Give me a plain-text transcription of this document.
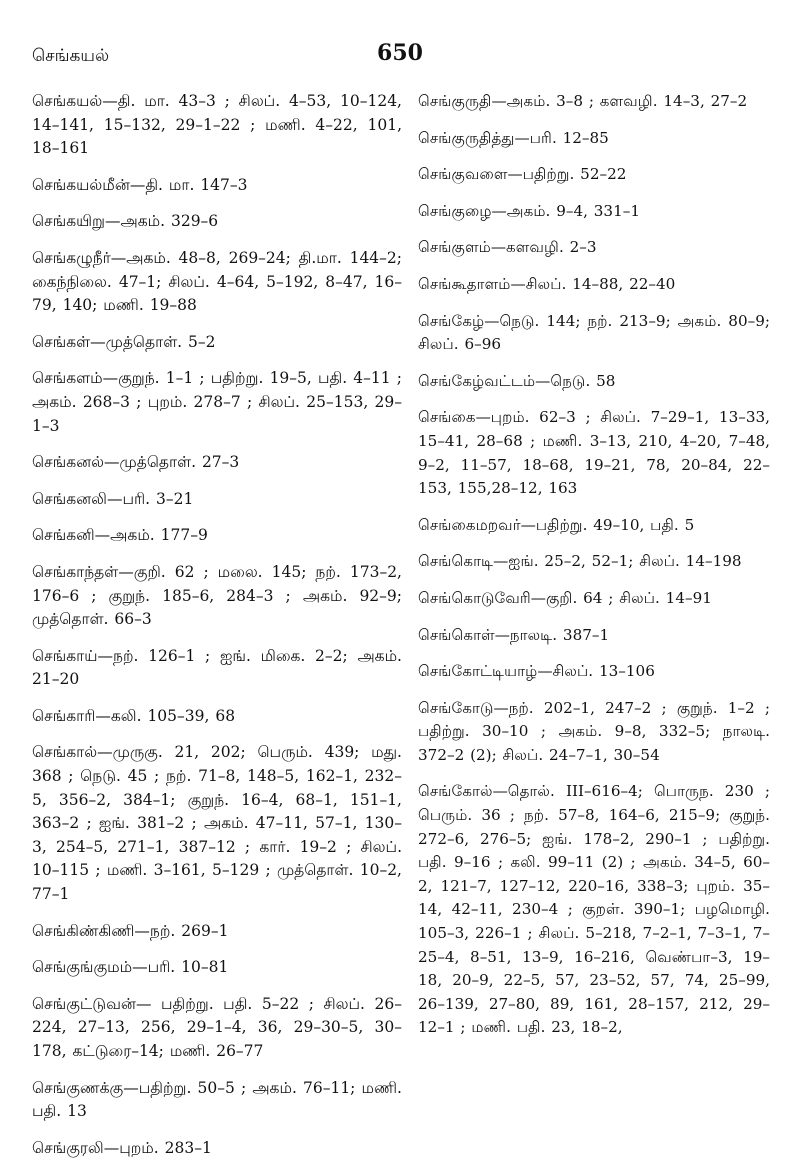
செங்கயல்	650

செங்கயல்—தி. மா. 43–3 ; சிலப். 4–53, 10–124, 14–141, 15–132, 29–1–22 ; மணி. 4–22, 101, 18–161

செங்கயல்மீன்—தி. மா. 147–3

செங்கயிறு—அகம். 329–6

செங்கழுநீர்—அகம். 48–8, 269–24; தி.மா. 144–2; கைந்நிலை. 47–1; சிலப். 4–64, 5–192, 8–47, 16–79, 140; மணி. 19–88

செங்கள்—முத்தொள். 5–2

செங்களம்—குறுந். 1–1 ; பதிற்று. 19–5, பதி. 4–11 ; அகம். 268–3 ; புறம். 278–7 ; சிலப். 25–153, 29–1–3

செங்கனல்—முத்தொள். 27–3

செங்கனலி—பரி. 3–21

செங்கனி—அகம். 177–9

செங்காந்தள்—குறி. 62 ; மலை. 145; நற். 173–2, 176–6 ; குறுந். 185–6, 284–3 ; அகம். 92–9; முத்தொள். 66–3

செங்காய்—நற். 126–1 ; ஐங். மிகை. 2–2; அகம். 21–20

செங்காரி—கலி. 105–39, 68

செங்கால்—முருகு. 21, 202; பெரும். 439; மது. 368 ; நெடு. 45 ; நற். 71–8, 148–5, 162–1, 232–5, 356–2, 384–1; குறுந். 16–4, 68–1, 151–1, 363–2 ; ஐங். 381–2 ; அகம். 47–11, 57–1, 130–3, 254–5, 271–1, 387–12 ; கார். 19–2 ; சிலப். 10–115 ; மணி. 3–161, 5–129 ; முத்தொள். 10–2, 77–1

செங்கிண்கிணி—நற். 269–1

செங்குங்குமம்—பரி. 10–81

செங்குட்டுவன்— பதிற்று. பதி. 5–22 ; சிலப். 26–224, 27–13, 256, 29–1–4, 36, 29–30–5, 30–178, கட்டுரை–14; மணி. 26–77

செங்குணக்கு—பதிற்று. 50–5 ; அகம். 76–11; மணி. பதி. 13

செங்குரலி—புறம். 283–1

செங்குருதி—அகம். 3–8 ; களவழி. 14–3, 27–2

செங்குருதித்து—பரி. 12–85

செங்குவளை—பதிற்று. 52–22

செங்குழை—அகம். 9–4, 331–1

செங்குளம்—களவழி. 2–3

செங்கூதாளம்—சிலப். 14–88, 22–40

செங்கேழ்—நெடு. 144; நற். 213–9; அகம். 80–9; சிலப். 6–96

செங்கேழ்வட்டம்—நெடு. 58

செங்கை—புறம். 62–3 ; சிலப். 7–29–1, 13–33, 15–41, 28–68 ; மணி. 3–13, 210, 4–20, 7–48, 9–2, 11–57, 18–68, 19–21, 78, 20–84, 22–153, 155,28–12, 163

செங்கைமறவர்—பதிற்று. 49–10, பதி. 5

செங்கொடி—ஐங். 25–2, 52–1; சிலப். 14–198

செங்கொடுவேரி—குறி. 64 ; சிலப். 14–91

செங்கொள்—நாலடி. 387–1

செங்கோட்டியாழ்—சிலப். 13–106

செங்கோடு—நற். 202–1, 247–2 ; குறுந். 1–2 ; பதிற்று. 30–10 ; அகம். 9–8, 332–5; நாலடி. 372–2 (2); சிலப். 24–7–1, 30–54

செங்கோல்—தொல். III–616–4; பொருந. 230 ; பெரும். 36 ; நற். 57–8, 164–6, 215–9; குறுந். 272–6, 276–5; ஐங். 178–2, 290–1 ; பதிற்று. பதி. 9–16 ; கலி. 99–11 (2) ; அகம். 34–5, 60–2, 121–7, 127–12, 220–16, 338–3; புறம். 35–14, 42–11, 230–4 ; குறள். 390–1; பழமொழி. 105–3, 226–1 ; சிலப். 5–218, 7–2–1, 7–3–1, 7–25–4, 8–51, 13–9, 16–216, வெண்பா–3, 19–18, 20–9, 22–5, 57, 23–52, 57, 74, 25–99, 26–139, 27–80, 89, 161, 28–157, 212, 29–12–1 ; மணி. பதி. 23, 18–2,
